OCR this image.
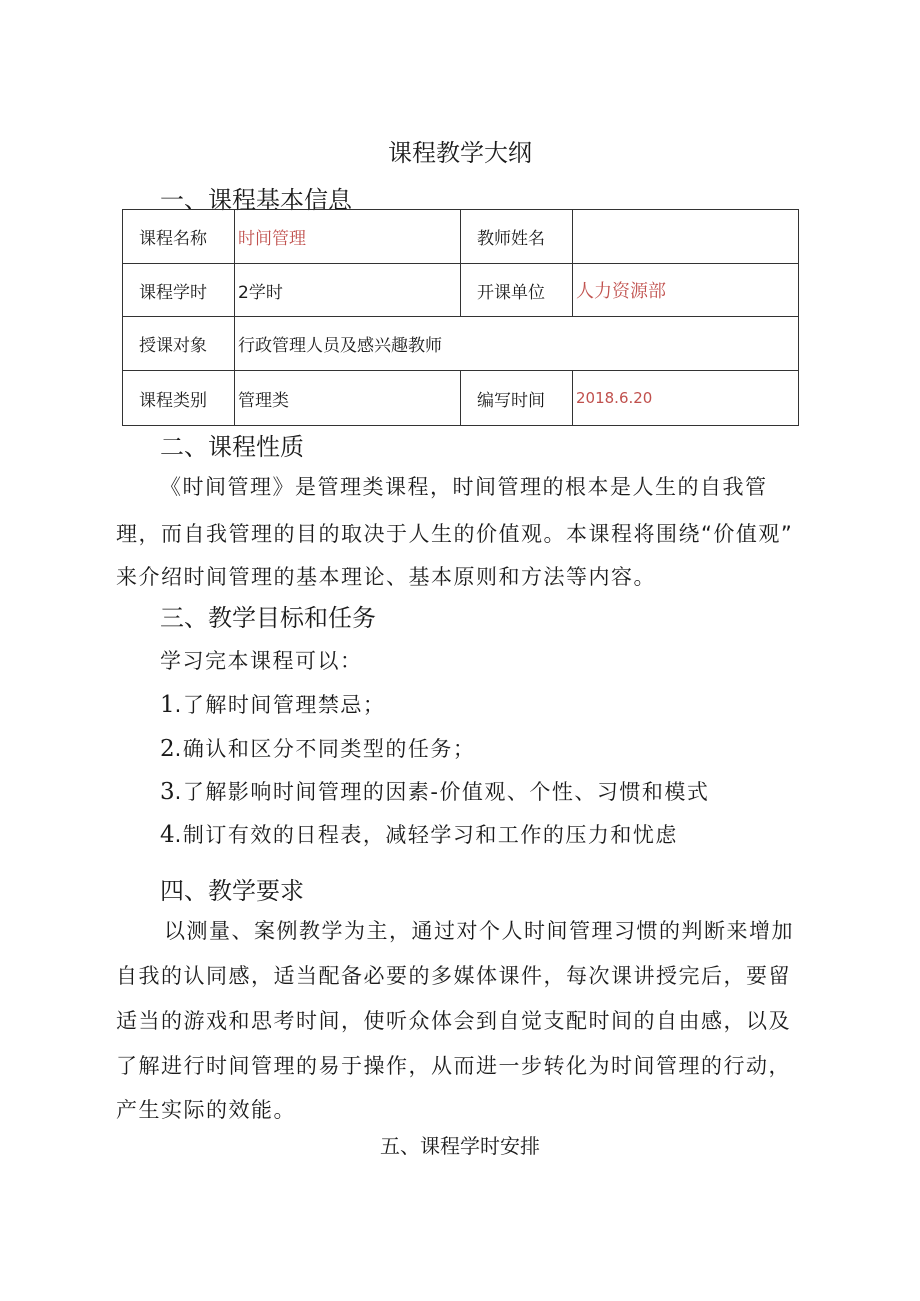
课程教学大纲
一、课程基本信息
课程名称	时间管理	教师姓名	
课程学时	2学时	开课单位	人力资源部
授课对象	行政管理人员及感兴趣教师		
课程类别	管理类	编写时间	2018.6.20
二、课程性质
《时间管理》是管理类课程，时间管理的根本是人生的自我管
理，而自我管理的目的取决于人生的价值观。本课程将围绕“价值观”
来介绍时间管理的基本理论、基本原则和方法等内容。
三、教学目标和任务
学习完本课程可以：
1.了解时间管理禁忌；
2.确认和区分不同类型的任务；
3.了解影响时间管理的因素-价值观、个性、习惯和模式
4.制订有效的日程表，减轻学习和工作的压力和忧虑
四、教学要求
以测量、案例教学为主，通过对个人时间管理习惯的判断来增加
自我的认同感，适当配备必要的多媒体课件，每次课讲授完后，要留
适当的游戏和思考时间，使听众体会到自觉支配时间的自由感，以及
了解进行时间管理的易于操作，从而进一步转化为时间管理的行动，
产生实际的效能。
五、课程学时安排
